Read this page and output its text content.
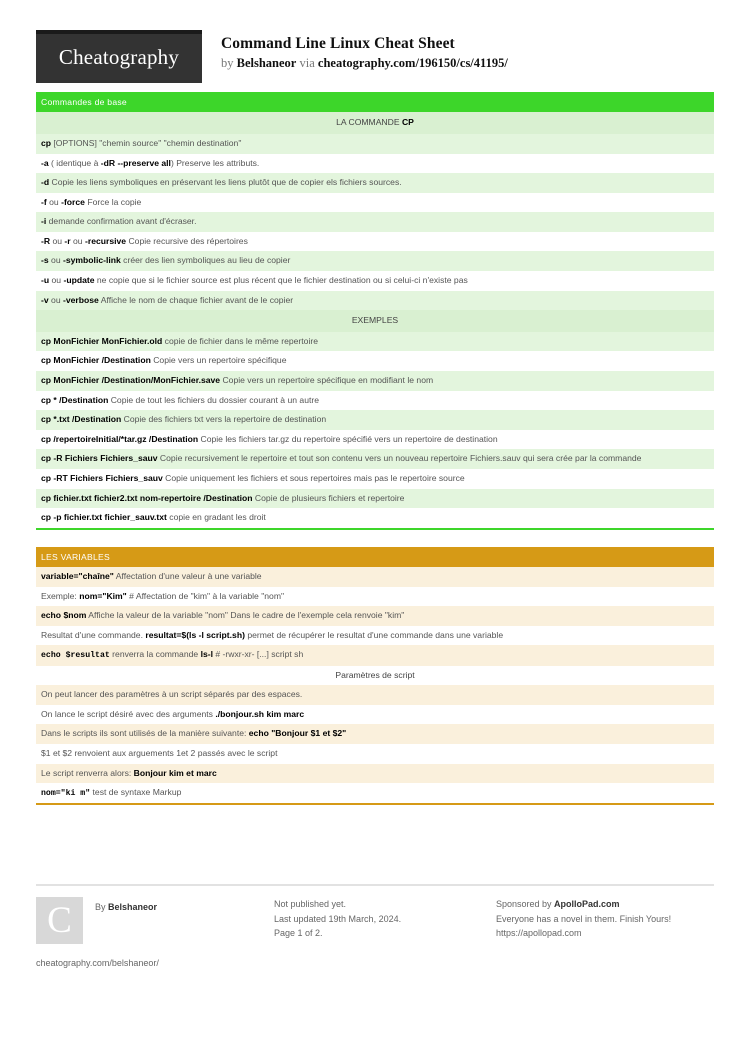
Cheatography
Command Line Linux Cheat Sheet
by Belshaneor via cheatography.com/196150/cs/41195/
Commandes de base
LA COMMANDE CP
cp [OPTIONS] "chemin source" "chemin destination"
-a ( identique à -dR --preserve all) Preserve les attributs.
-d Copie les liens symboliques en préservant les liens plutôt que de copier els fichiers sources.
-f ou -force Force la copie
-i demande confirmation avant d'écraser.
-R ou -r ou -recursive Copie recursive des répertoires
-s ou -symbolic-link créer des lien symboliques au lieu de copier
-u ou -update ne copie que si le fichier source est plus récent que le fichier destination ou si celui-ci n'existe pas
-v ou -verbose Affiche le nom de chaque fichier avant de le copier
EXEMPLES
cp MonFichier MonFichier.old copie de fichier dans le même repertoire
cp MonFichier /Destination Copie vers un repertoire spécifique
cp MonFichier /Destination/MonFichier.save Copie vers un repertoire spécifique en modifiant le nom
cp * /Destination Copie de tout les fichiers du dossier courant à un autre
cp *.txt /Destination Copie des fichiers txt vers la repertoire de destination
cp /repertoireInitial/*tar.gz /Destination Copie les fichiers tar.gz du repertoire spécifié vers un repertoire de destination
cp -R Fichiers Fichiers_sauv Copie recursivement le repertoire et tout son contenu vers un nouveau repertoire Fichiers.sauv qui sera crée par la commande
cp -RT Fichiers Fichiers_sauv Copie uniquement les fichiers et sous repertoires mais pas le repertoire source
cp fichier.txt fichier2.txt nom-repertoire /Destination Copie de plusieurs fichiers et repertoire
cp -p fichier.txt fichier_sauv.txt copie en gradant les droit
LES VARIABLES
variable="chaîne" Affectation d'une valeur à une variable
Exemple: nom="Kim" # Affectation de "kim" à la variable "nom"
echo $nom Affiche la valeur de la variable "nom" Dans le cadre de l'exemple cela renvoie "kim"
Resultat d'une commande. resultat=$(ls -l script.sh) permet de récupérer le resultat d'une commande dans une variable
echo $resultat renverra la commande ls-l # -rwxr-xr- [...] script sh
Paramètres de script
On peut lancer des paramètres à un script séparés par des espaces.
On lance le script désiré avec des arguments ./bonjour.sh kim marc
Dans le scripts ils sont utilisés de la manière suivante: echo "Bonjour $1 et $2"
$1 et $2 renvoient aux arguements 1et 2 passés avec le script
Le script renverra alors: Bonjour kim et marc
nom="ki m" test de syntaxe Markup
C	By Belshaneor
cheatography.com/belshaneor/
Not published yet.
Last updated 19th March, 2024.
Page 1 of 2.
Sponsored by ApolloPad.com
Everyone has a novel in them. Finish Yours!
https://apollopad.com
